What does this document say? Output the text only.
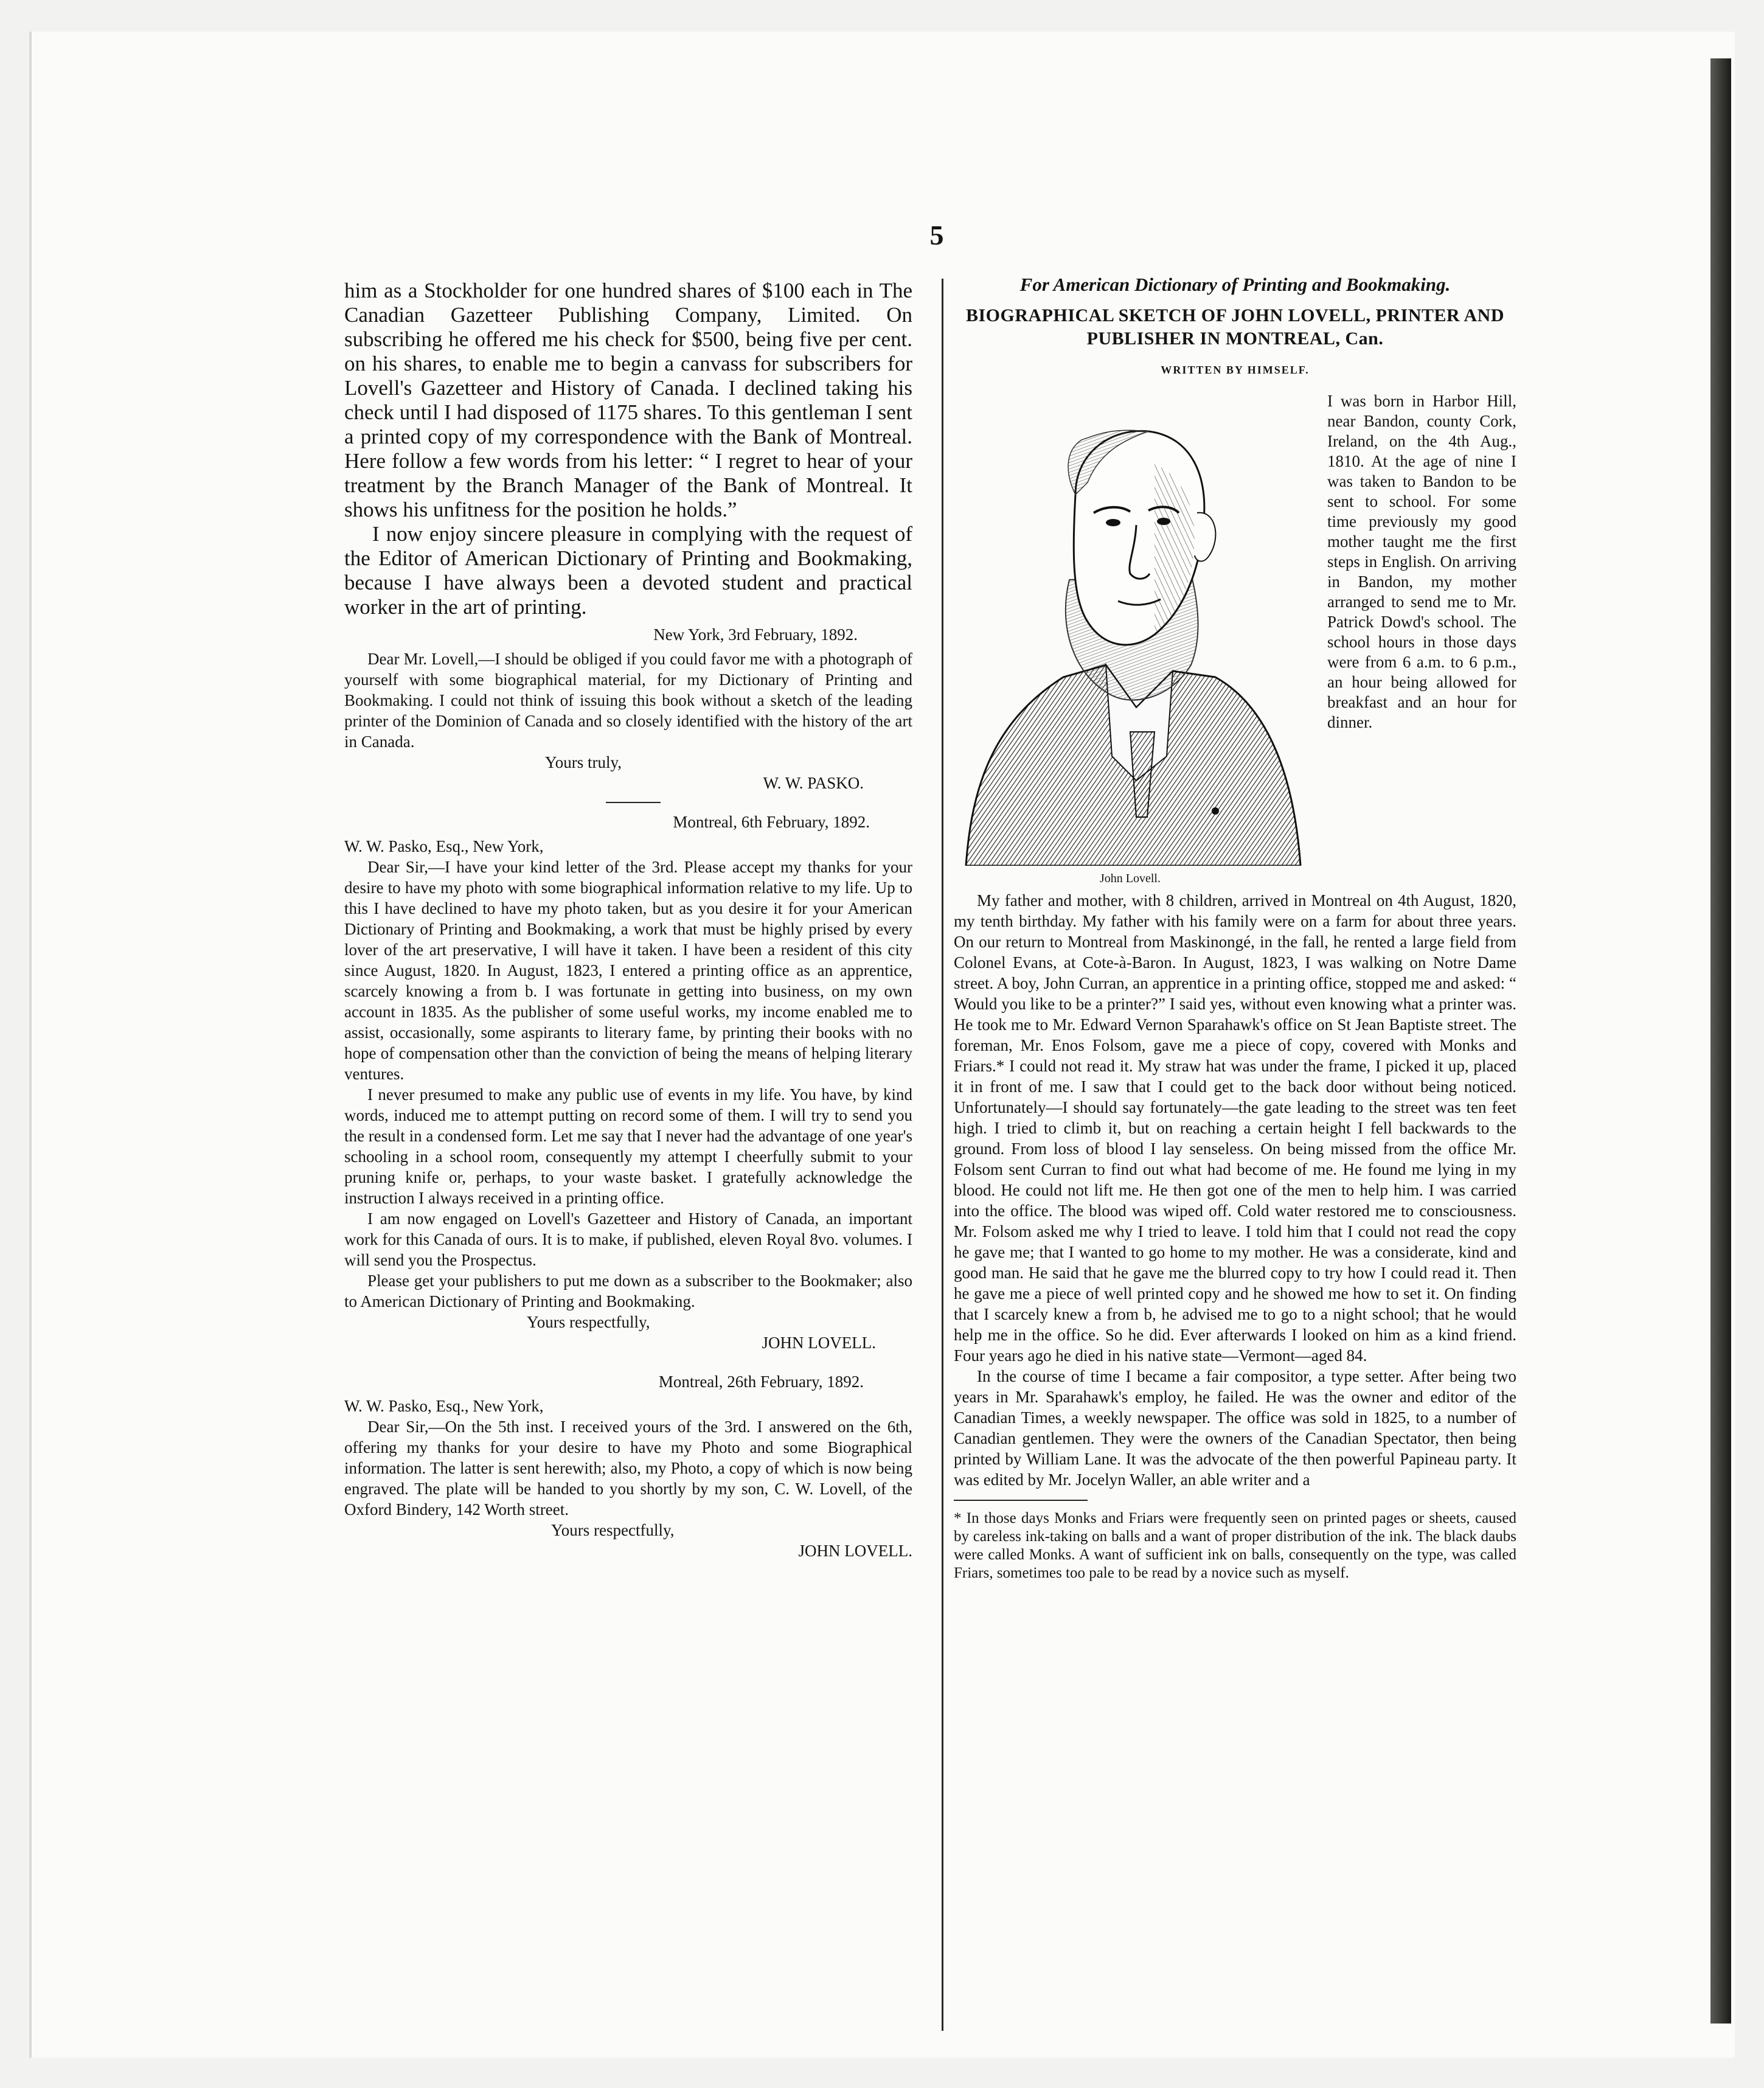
5

him as a Stockholder for one hundred shares of $100 each in The Canadian Gazetteer Publishing Company, Limited. On subscribing he offered me his check for $500, being five per cent. on his shares, to enable me to begin a canvass for subscribers for Lovell's Gazetteer and History of Canada. I declined taking his check until I had disposed of 1175 shares. To this gentleman I sent a printed copy of my correspondence with the Bank of Montreal. Here follow a few words from his letter: “ I regret to hear of your treatment by the Branch Manager of the Bank of Montreal. It shows his unfitness for the position he holds.”

I now enjoy sincere pleasure in complying with the request of the Editor of American Dictionary of Printing and Bookmaking, because I have always been a devoted student and practical worker in the art of printing.

New York, 3rd February, 1892.

Dear Mr. Lovell,—I should be obliged if you could favor me with a photograph of yourself with some biographical material, for my Dictionary of Printing and Bookmaking. I could not think of issuing this book without a sketch of the leading printer of the Dominion of Canada and so closely identified with the history of the art in Canada.

Yours truly,

W. W. PASKO.

Montreal, 6th February, 1892.

W. W. Pasko, Esq., New York,

Dear Sir,—I have your kind letter of the 3rd. Please accept my thanks for your desire to have my photo with some biographical information relative to my life. Up to this I have declined to have my photo taken, but as you desire it for your American Dictionary of Printing and Bookmaking, a work that must be highly prised by every lover of the art preservative, I will have it taken. I have been a resident of this city since August, 1820. In August, 1823, I entered a printing office as an apprentice, scarcely knowing a from b. I was fortunate in getting into business, on my own account in 1835. As the publisher of some useful works, my income enabled me to assist, occasionally, some aspirants to literary fame, by printing their books with no hope of compensation other than the conviction of being the means of helping literary ventures.

I never presumed to make any public use of events in my life. You have, by kind words, induced me to attempt putting on record some of them. I will try to send you the result in a condensed form. Let me say that I never had the advantage of one year's schooling in a school room, consequently my attempt I cheerfully submit to your pruning knife or, perhaps, to your waste basket. I gratefully acknowledge the instruction I always received in a printing office.

I am now engaged on Lovell's Gazetteer and History of Canada, an important work for this Canada of ours. It is to make, if published, eleven Royal 8vo. volumes. I will send you the Prospectus.

Please get your publishers to put me down as a subscriber to the Bookmaker; also to American Dictionary of Printing and Bookmaking.

Yours respectfully,

JOHN LOVELL.

Montreal, 26th February, 1892.

W. W. Pasko, Esq., New York,

Dear Sir,—On the 5th inst. I received yours of the 3rd. I answered on the 6th, offering my thanks for your desire to have my Photo and some Biographical information. The latter is sent herewith; also, my Photo, a copy of which is now being engraved. The plate will be handed to you shortly by my son, C. W. Lovell, of the Oxford Bindery, 142 Worth street.

Yours respectfully,

JOHN LOVELL.

For American Dictionary of Printing and Bookmaking.

BIOGRAPHICAL SKETCH OF JOHN LOVELL, PRINTER AND PUBLISHER IN MONTREAL, Can.

WRITTEN BY HIMSELF.

John Lovell.

I was born in Harbor Hill, near Bandon, county Cork, Ireland, on the 4th Aug., 1810. At the age of nine I was taken to Bandon to be sent to school. For some time previously my good mother taught me the first steps in English. On arriving in Bandon, my mother arranged to send me to Mr. Patrick Dowd's school. The school hours in those days were from 6 a.m. to 6 p.m., an hour being allowed for breakfast and an hour for dinner.

My father and mother, with 8 children, arrived in Montreal on 4th August, 1820, my tenth birthday. My father with his family were on a farm for about three years. On our return to Montreal from Maskinongé, in the fall, he rented a large field from Colonel Evans, at Cote-à-Baron. In August, 1823, I was walking on Notre Dame street. A boy, John Curran, an apprentice in a printing office, stopped me and asked: “ Would you like to be a printer?” I said yes, without even knowing what a printer was. He took me to Mr. Edward Vernon Sparahawk's office on St Jean Baptiste street. The foreman, Mr. Enos Folsom, gave me a piece of copy, covered with Monks and Friars.* I could not read it. My straw hat was under the frame, I picked it up, placed it in front of me. I saw that I could get to the back door without being noticed. Unfortunately—I should say fortunately—the gate leading to the street was ten feet high. I tried to climb it, but on reaching a certain height I fell backwards to the ground. From loss of blood I lay senseless. On being missed from the office Mr. Folsom sent Curran to find out what had become of me. He found me lying in my blood. He could not lift me. He then got one of the men to help him. I was carried into the office. The blood was wiped off. Cold water restored me to consciousness. Mr. Folsom asked me why I tried to leave. I told him that I could not read the copy he gave me; that I wanted to go home to my mother. He was a considerate, kind and good man. He said that he gave me the blurred copy to try how I could read it. Then he gave me a piece of well printed copy and he showed me how to set it. On finding that I scarcely knew a from b, he advised me to go to a night school; that he would help me in the office. So he did. Ever afterwards I looked on him as a kind friend. Four years ago he died in his native state—Vermont—aged 84.

In the course of time I became a fair compositor, a type setter. After being two years in Mr. Sparahawk's employ, he failed. He was the owner and editor of the Canadian Times, a weekly newspaper. The office was sold in 1825, to a number of Canadian gentlemen. They were the owners of the Canadian Spectator, then being printed by William Lane. It was the advocate of the then powerful Papineau party. It was edited by Mr. Jocelyn Waller, an able writer and a

* In those days Monks and Friars were frequently seen on printed pages or sheets, caused by careless ink-taking on balls and a want of proper distribution of the ink. The black daubs were called Monks. A want of sufficient ink on balls, consequently on the type, was called Friars, sometimes too pale to be read by a novice such as myself.
